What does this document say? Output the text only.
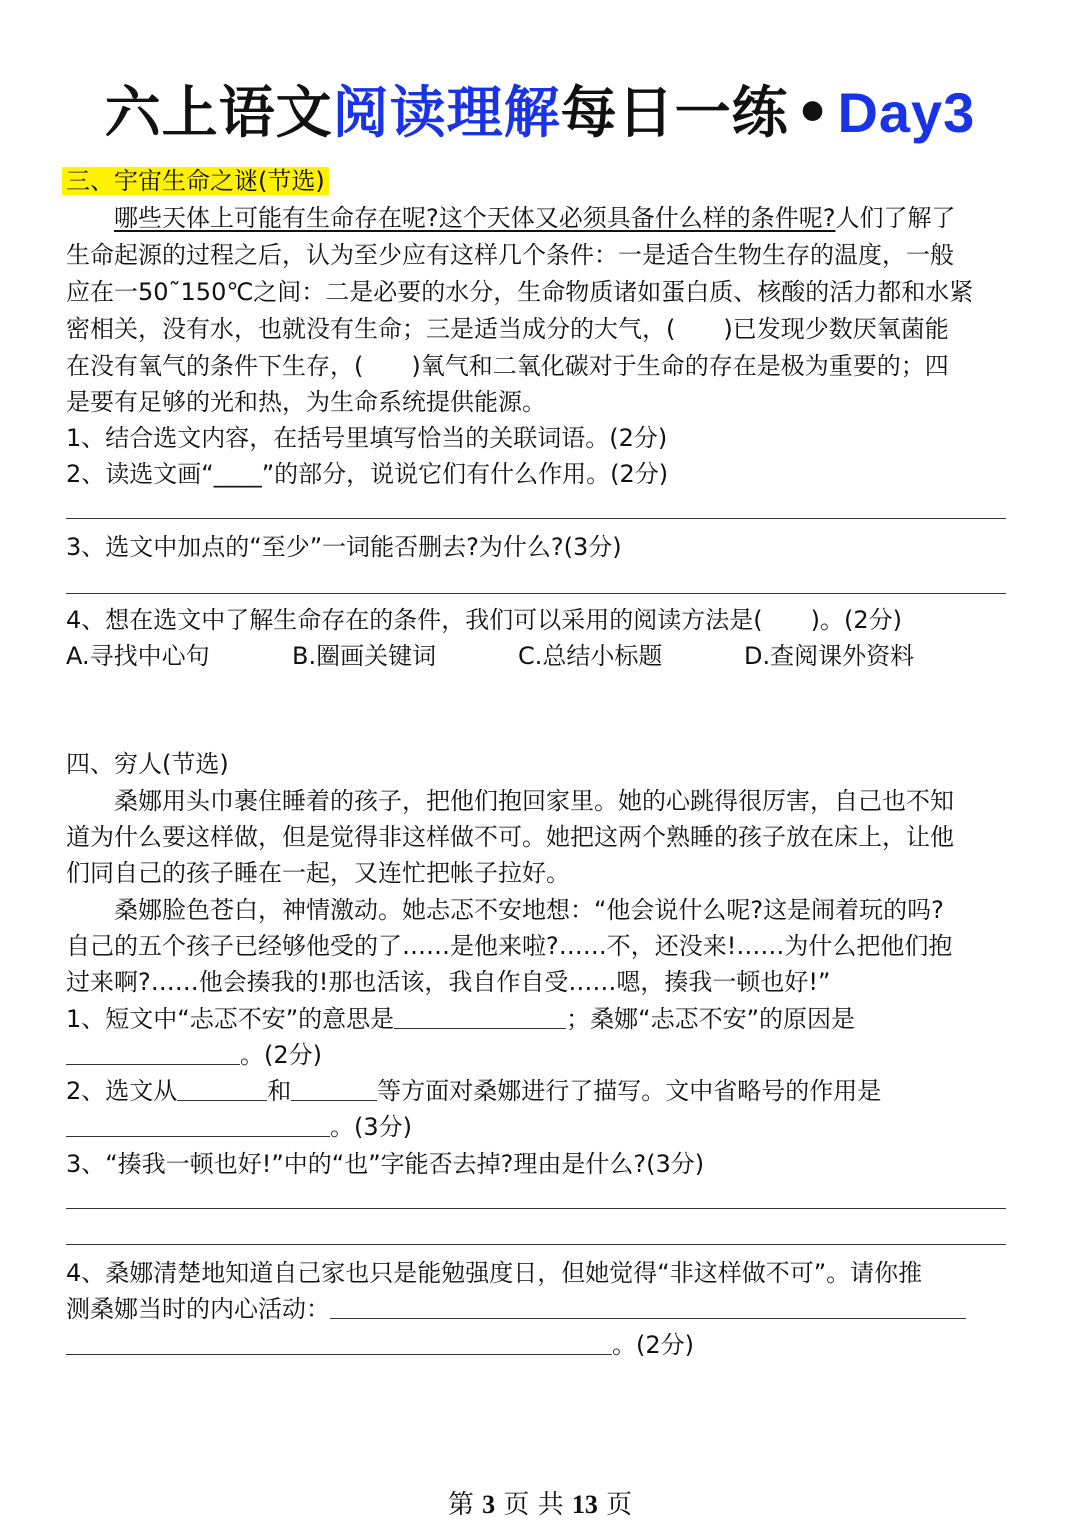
六上语文阅读理解每日一练 • Day3
三、宇宙生命之谜(节选)
哪些天体上可能有生命存在呢?这个天体又必须具备什么样的条件呢?人们了解了
生命起源的过程之后，认为至少应有这样几个条件：一是适合生物生存的温度，一般
应在一50˜150℃之间：二是必要的水分，生命物质诸如蛋白质、核酸的活力都和水紧
密相关，没有水，也就没有生命；三是适当成分的大气，(　　)已发现少数厌氧菌能
在没有氧气的条件下生存，(　　)氧气和二氧化碳对于生命的存在是极为重要的；四
是要有足够的光和热，为生命系统提供能源。
1、结合选文内容，在括号里填写恰当的关联词语。(2分)
2、读选文画“____”的部分，说说它们有什么作用。(2分)
3、选文中加点的“至少”一词能否删去?为什么?(3分)
4、想在选文中了解生命存在的条件，我们可以采用的阅读方法是(　　)。(2分)
A.寻找中心句	B.圈画关键词	C.总结小标题	D.查阅课外资料
四、穷人(节选)
　　桑娜用头巾裹住睡着的孩子，把他们抱回家里。她的心跳得很厉害，自己也不知
道为什么要这样做，但是觉得非这样做不可。她把这两个熟睡的孩子放在床上，让他
们同自己的孩子睡在一起，又连忙把帐子拉好。
　　桑娜脸色苍白，神情激动。她忐忑不安地想：“他会说什么呢?这是闹着玩的吗?
自己的五个孩子已经够他受的了……是他来啦?……不，还没来!……为什么把他们抱
过来啊?……他会揍我的!那也活该，我自作自受……嗯，揍我一顿也好!”
1、短文中“忐忑不安”的意思是	；桑娜“忐忑不安”的原因是
。(2分)
2、选文从	和	等方面对桑娜进行了描写。文中省略号的作用是
。(3分)
3、“揍我一顿也好!”中的“也”字能否去掉?理由是什么?(3分)
4、桑娜清楚地知道自己家也只是能勉强度日，但她觉得“非这样做不可”。请你推
测桑娜当时的内心活动：
。(2分)
第 3 页 共 13 页
